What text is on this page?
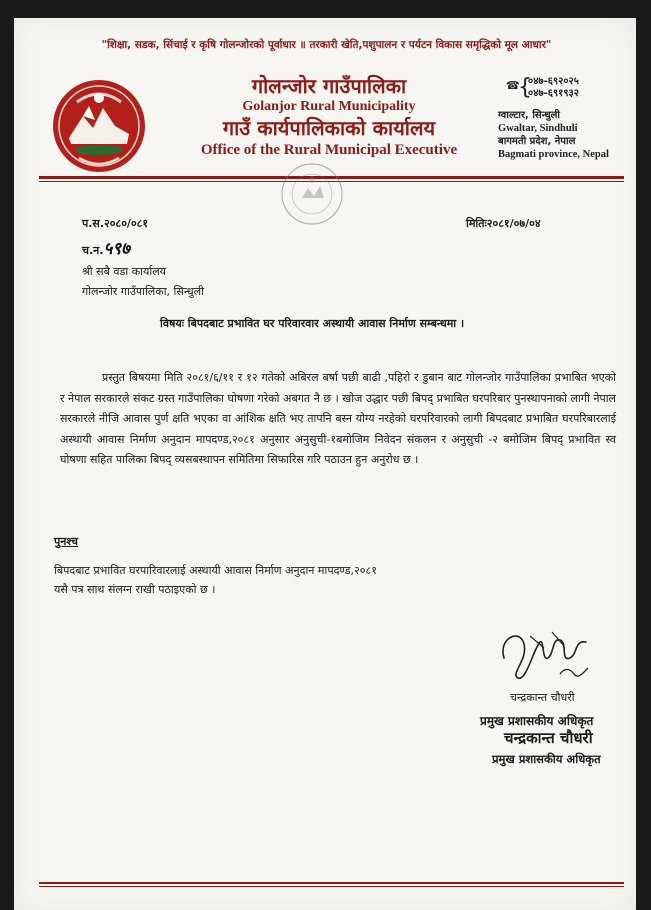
"शिक्षा, सडक, सिंचाई र कृषि गोलन्जोरको पूर्वाधार ॥ तरकारी खेति,पशुपालन र पर्यटन विकास समृद्धिको मूल आधार"
गोलन्जोर गाउँपालिका
Golanjor Rural Municipality
गाउँ कार्यपालिकाको कार्यालय
Office of the Rural Municipal Executive
☎
{
०४७-६९२०२५
०४७-६९१९३२
ग्वाल्टार, सिन्धुली
Gwaltar, Sindhuli
बागमती प्रदेश, नेपाल
Bagmati province, Nepal
प.स.२०८०/०८१
च.न.५९७
मितिः२०८१/०७/०४
श्री सबै वडा कार्यालय
गोलन्जोर गाउँपालिका, सिन्धुली
विषयः बिपदबाट प्रभावित घर परिवारवार अस्थायी आवास निर्माण सम्बन्धमा ।
प्रस्तुत बिषयमा मिति २०८१/६/११ र १२ गतेको अबिरल बर्षा पछी बाढी ,पहिरो र डुबान बाट गोलन्जोर गाउँपालिका प्रभाबित भएको र नेपाल सरकारले संकट ग्रस्त गाउँपालिका घोषणा गरेको अबगत नै छ । खोज उद्धार पछी बिपद् प्रभाबित घरपरिबार पुनस्थापनाको लागी नेपाल सरकारले नीजि आवास पुर्ण क्षति भएका वा आंशिक क्षति भए तापनि बस्न योग्य नरहेको घरपरिवारको लागी बिपदबाट प्रभाबित घरपरिबारलाई अस्थायी आवास निर्माण अनुदान मापदण्ड,२०८१ अनुसार अनुसुची-१बमोजिम निवेदन संकलन र अनुसुची -२ बमोजिम बिपद् प्रभावित स्व घोषणा सहित पालिका बिपद् व्यसबस्थापन समितिमा सिफारिस गरि पठाउन हुन अनुरोध छ ।
पुनश्च
बिपदबाट प्रभावित घरपारिवारलाई अस्थायी आवास निर्माण अनुदान मापदण्ड,२०८१
यसै पत्र साथ संलग्न राखी पठाइएको छ ।
चन्द्रकान्त चौधरी
प्रमुख प्रशासकीय अधिकृत
चन्द्रकान्त चौधरी
प्रमुख प्रशासकीय अधिकृत
